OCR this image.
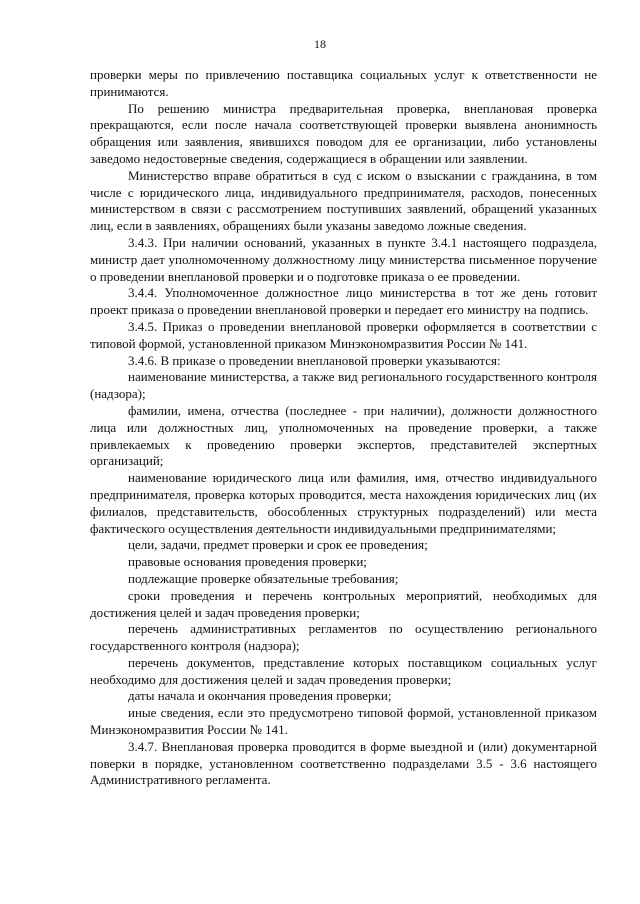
18

проверки меры по привлечению поставщика социальных услуг к ответственности не принимаются.

По решению министра предварительная проверка, внеплановая проверка прекращаются, если после начала соответствующей проверки выявлена анонимность обращения или заявления, явившихся поводом для ее организации, либо установлены заведомо недостоверные сведения, содержащиеся в обращении или заявлении.

Министерство вправе обратиться в суд с иском о взыскании с гражданина, в том числе с юридического лица, индивидуального предпринимателя, расходов, понесенных министерством в связи с рассмотрением поступивших заявлений, обращений указанных лиц, если в заявлениях, обращениях были указаны заведомо ложные сведения.

3.4.3. При наличии оснований, указанных в пункте 3.4.1 настоящего подраздела, министр дает уполномоченному должностному лицу министерства письменное поручение о проведении внеплановой проверки и о подготовке приказа о ее проведении.

3.4.4. Уполномоченное должностное лицо министерства в тот же день готовит проект приказа о проведении внеплановой проверки и передает его министру на подпись.

3.4.5. Приказ о проведении внеплановой проверки оформляется в соответствии с типовой формой, установленной приказом Минэкономразвития России № 141.

3.4.6. В приказе о проведении внеплановой проверки указываются:

наименование министерства, а также вид регионального государственного контроля (надзора);

фамилии, имена, отчества (последнее - при наличии), должности должностного лица или должностных лиц, уполномоченных на проведение проверки, а также привлекаемых к проведению проверки экспертов, представителей экспертных организаций;

наименование юридического лица или фамилия, имя, отчество индивидуального предпринимателя, проверка которых проводится, места нахождения юридических лиц (их филиалов, представительств, обособленных структурных подразделений) или места фактического осуществления деятельности индивидуальными предпринимателями;

цели, задачи, предмет проверки и срок ее проведения;

правовые основания проведения проверки;

подлежащие проверке обязательные требования;

сроки проведения и перечень контрольных мероприятий, необходимых для достижения целей и задач проведения проверки;

перечень административных регламентов по осуществлению регионального государственного контроля (надзора);

перечень документов, представление которых поставщиком социальных услуг необходимо для достижения целей и задач проведения проверки;

даты начала и окончания проведения проверки;

иные сведения, если это предусмотрено типовой формой, установленной приказом Минэкономразвития России № 141.

3.4.7. Внеплановая проверка проводится в форме выездной и (или) документарной поверки в порядке, установленном соответственно подразделами 3.5 - 3.6 настоящего Административного регламента.
